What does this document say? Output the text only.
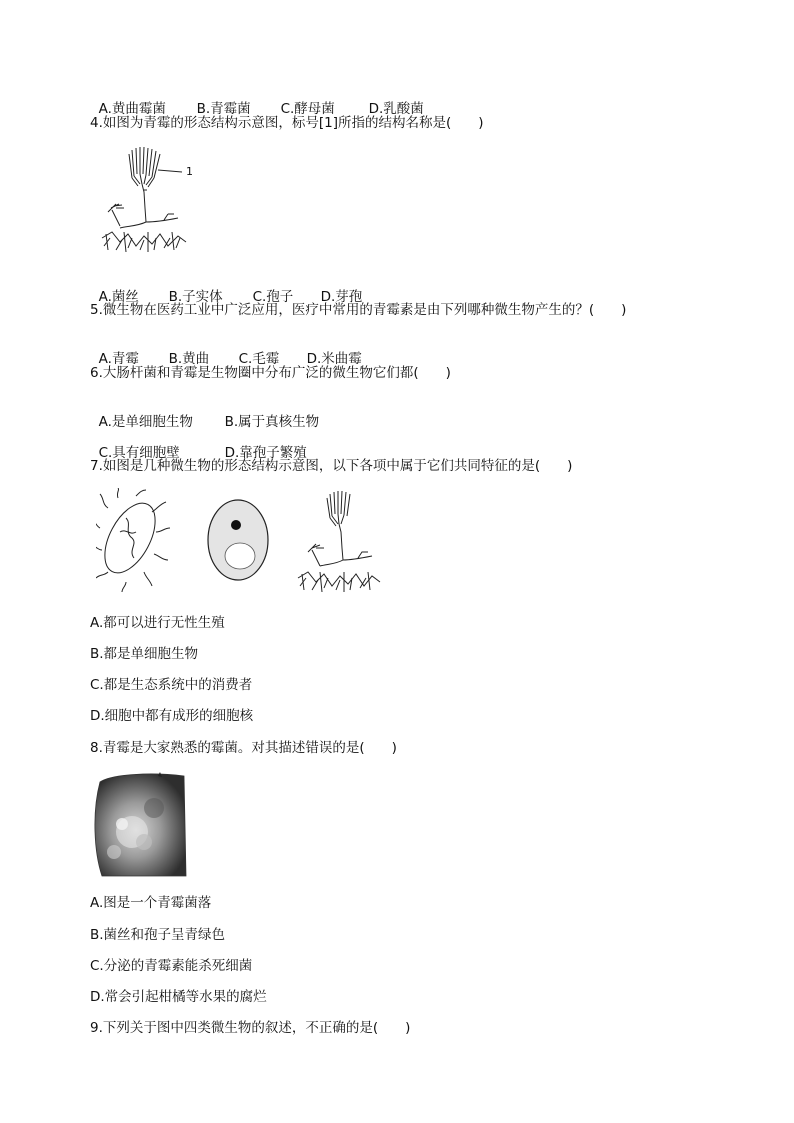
A.黄曲霉菌 B.青霉菌 C.酵母菌	D.乳酸菌

4.如图为青霉的形态结构示意图，标号[1]所指的结构名称是(　　)
1

A.菌丝 B.子实体 C.孢子 D.芽孢

5.微生物在医药工业中广泛应用，医疗中常用的青霉素是由下列哪种微生物产生的？(　　)

A.青霉 B.黄曲 C.毛霉 D.米曲霉

6.大肠杆菌和青霉是生物圈中分布广泛的微生物它们都(　　)

A.是单细胞生物 B.属于真核生物

C.具有细胞壁	D.靠孢子繁殖

7.如图是几种微生物的形态结构示意图，以下各项中属于它们共同特征的是(　　)
A.都可以进行无性生殖
B.都是单细胞生物
C.都是生态系统中的消费者
D.细胞中都有成形的细胞核
8.青霉是大家熟悉的霉菌。对其描述错误的是(　　)
A.图是一个青霉菌落
B.菌丝和孢子呈青绿色
C.分泌的青霉素能杀死细菌
D.常会引起柑橘等水果的腐烂
9.下列关于图中四类微生物的叙述，不正确的是(　　)
